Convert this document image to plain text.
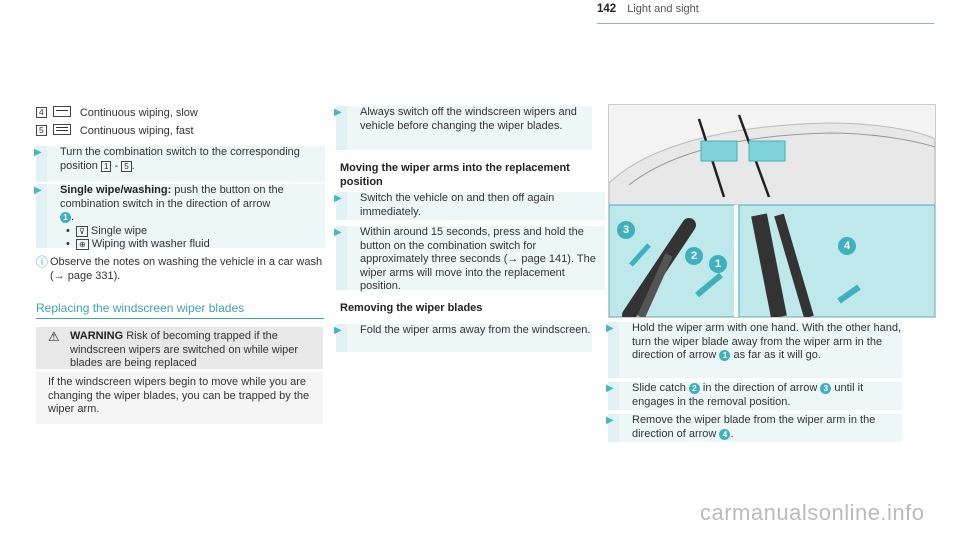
142 Light and sight
4	Continuous wiping, slow
5	Continuous wiping, fast
▶
Turn the combination switch to the corresponding position 1 - 5 .
▶
Single wipe/washing: push the button on the combination switch in the direction of arrow
1 .
•  ⊽ Single wipe
•  ⊕ Wiping with washer fluid
ⓘ Observe the notes on washing the vehicle in a car wash (→ page 331).
Replacing the windscreen wiper blades
⚠ WARNING Risk of becoming trapped if the windscreen wipers are switched on while wiper blades are being replaced
If the windscreen wipers begin to move while you are changing the wiper blades, you can be trapped by the wiper arm.
▶
Always switch off the windscreen wipers and vehicle before changing the wiper blades.
Moving the wiper arms into the replacement position
▶
Switch the vehicle on and then off again immediately.
▶
Within around 15 seconds, press and hold the button on the combination switch for approximately three seconds (→ page 141). The wiper arms will move into the replacement position.
Removing the wiper blades
▶
Fold the wiper arms away from the windscreen.
3
2
1
4
▶
Hold the wiper arm with one hand. With the other hand, turn the wiper blade away from the wiper arm in the direction of arrow 1 as far as it will go.
▶
Slide catch 2 in the direction of arrow 3 until it engages in the removal position.
▶
Remove the wiper blade from the wiper arm in the direction of arrow 4 .
carmanualsonline.info
